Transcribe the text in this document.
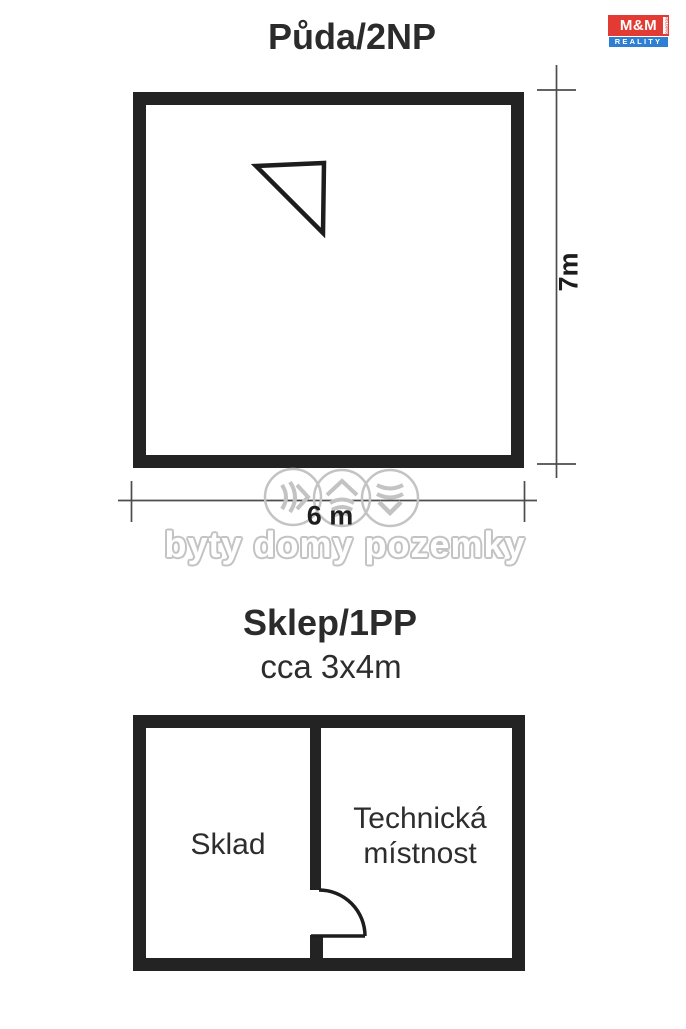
Půda/2NP
7m
6 m
byty domy pozemky
Sklep/1PP
cca 3x4m
Sklad
Technická místnost
M&M HOLDING
REALITY
